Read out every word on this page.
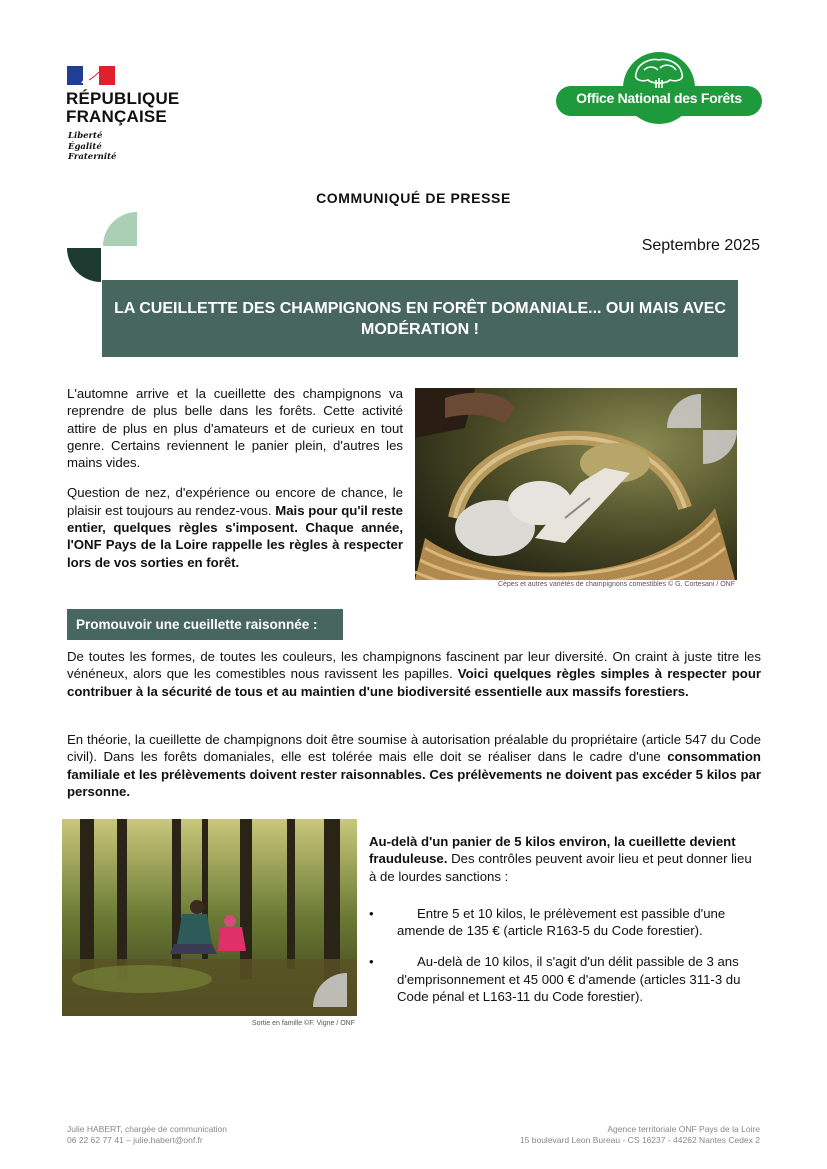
RÉPUBLIQUE
FRANÇAISE
Liberté
Égalité
Fraternité
Office National des Forêts
COMMUNIQUÉ DE PRESSE
Septembre 2025
LA CUEILLETTE DES CHAMPIGNONS EN FORÊT DOMANIALE... OUI MAIS AVEC MODÉRATION !

L'automne arrive et la cueillette des champignons va reprendre de plus belle dans les forêts. Cette activité attire de plus en plus d'amateurs et de curieux en tout genre. Certains reviennent le panier plein, d'autres les mains vides.

Question de nez, d'expérience ou encore de chance, le plaisir est toujours au rendez-vous. Mais pour qu'il reste entier, quelques règles s'imposent. Chaque année, l'ONF Pays de la Loire rappelle les règles à respecter lors de vos sorties en forêt.

Cèpes et autres variétés de champignons comestibles © G. Cortesani / ONF
Promouvoir une cueillette raisonnée :

De toutes les formes, de toutes les couleurs, les champignons fascinent par leur diversité. On craint à juste titre les vénéneux, alors que les comestibles nous ravissent les papilles. Voici quelques règles simples à respecter pour contribuer à la sécurité de tous et au maintien d'une biodiversité essentielle aux massifs forestiers.

En théorie, la cueillette de champignons doit être soumise à autorisation préalable du propriétaire (article 547 du Code civil). Dans les forêts domaniales, elle est tolérée mais elle doit se réaliser dans le cadre d'une consommation familiale et les prélèvements doivent rester raisonnables. Ces prélèvements ne doivent pas excéder 5 kilos par personne.

Sortie en famille ©F. Vigne / ONF

Au-delà d'un panier de 5 kilos environ, la cueillette devient frauduleuse. Des contrôles peuvent avoir lieu et peut donner lieu à de lourdes sanctions :

•	Entre 5 et 10 kilos, le prélèvement est passible d'une amende de 135 € (article R163-5 du Code forestier).
•	Au-delà de 10 kilos, il s'agit d'un délit passible de 3 ans d'emprisonnement et 45 000 € d'amende (articles 311-3 du Code pénal et L163-11 du Code forestier).
Julie HABERT, chargée de communication
06 22 62 77 41 – julie.habert@onf.fr
Agence territoriale ONF Pays de la Loire
15 boulevard Leon Bureau - CS 16237 - 44262 Nantes Cedex 2
